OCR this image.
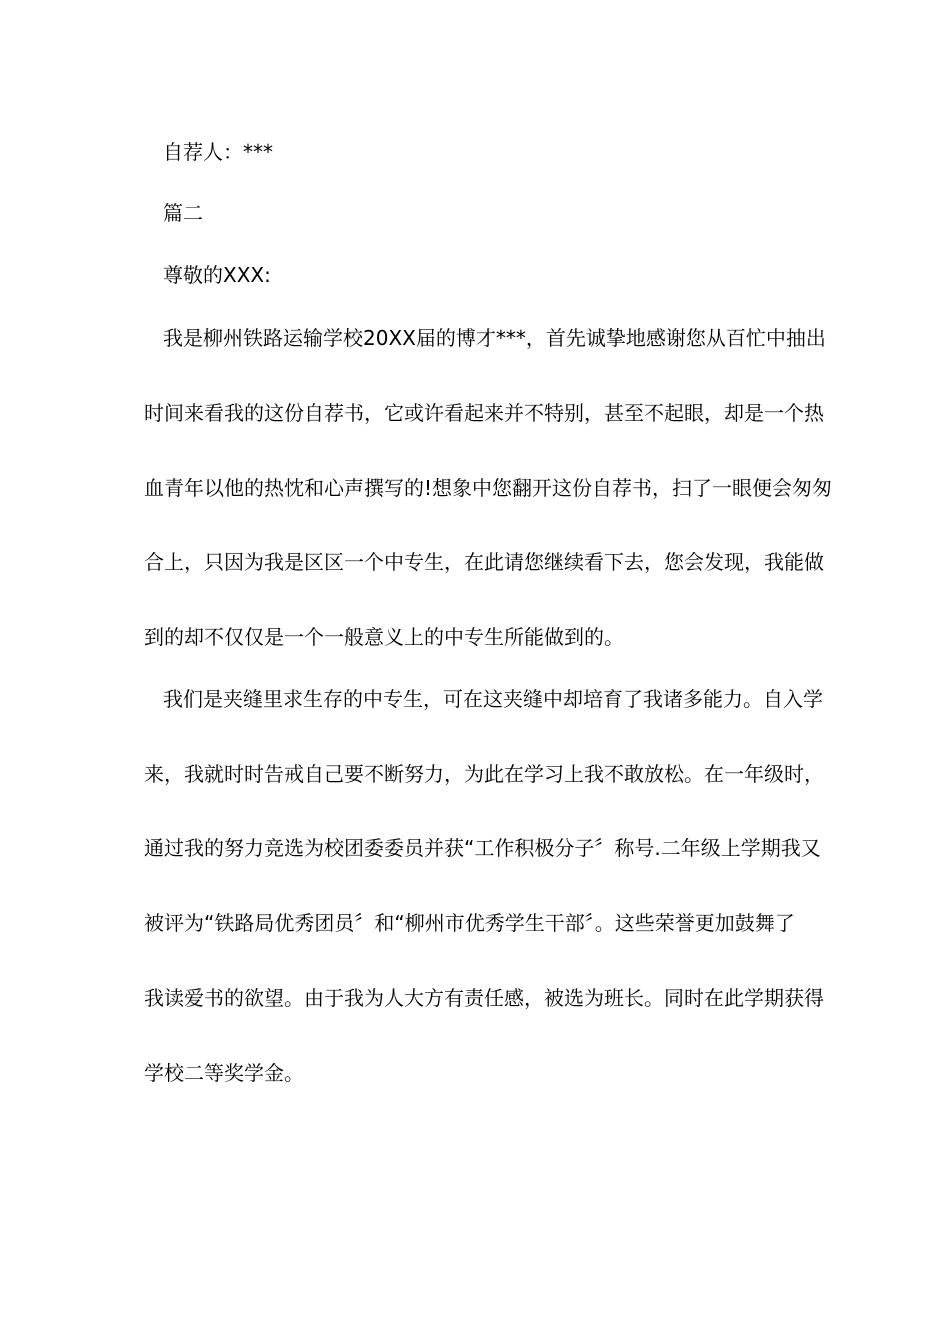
自荐人：***
篇二
尊敬的XXX:
我是柳州铁路运输学校20XX届的博才***，首先诚挚地感谢您从百忙中抽出
时间来看我的这份自荐书，它或许看起来并不特别，甚至不起眼，却是一个热
血青年以他的热忱和心声撰写的!想象中您翻开这份自荐书，扫了一眼便会匆匆
合上，只因为我是区区一个中专生，在此请您继续看下去，您会发现，我能做
到的却不仅仅是一个一般意义上的中专生所能做到的。
我们是夹缝里求生存的中专生，可在这夹缝中却培育了我诸多能力。自入学
来，我就时时告戒自己要不断努力，为此在学习上我不敢放松。在一年级时，
通过我的努力竞选为校团委委员并获“工作积极分子〞称号.二年级上学期我又
被评为“铁路局优秀团员〞和“柳州市优秀学生干部〞。这些荣誉更加鼓舞了
我读爱书的欲望。由于我为人大方有责任感，被选为班长。同时在此学期获得
学校二等奖学金。
